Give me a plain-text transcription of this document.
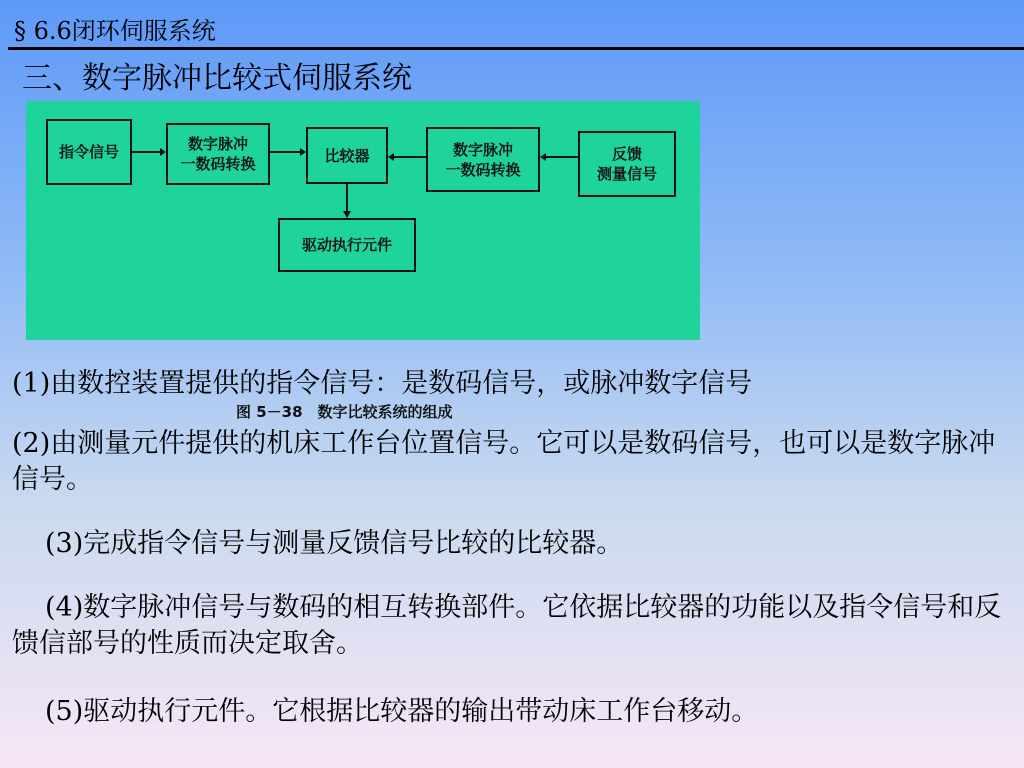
§ 6.6闭环伺服系统
三、数字脉冲比较式伺服系统
指令信号	数字脉冲
一数码转换	比较器	数字脉冲
一数码转换
反馈
测量信号
驱动执行元件
图 5－38　数字比较系统的组成
(1)由数控装置提供的指令信号：是数码信号，或脉冲数字信号
(2)由测量元件提供的机床工作台位置信号。它可以是数码信号，也可以是数字脉冲信号。
(3)完成指令信号与测量反馈信号比较的比较器。
(4)数字脉冲信号与数码的相互转换部件。它依据比较器的功能以及指令信号和反馈信部号的性质而决定取舍。
(5)驱动执行元件。它根据比较器的输出带动床工作台移动。
